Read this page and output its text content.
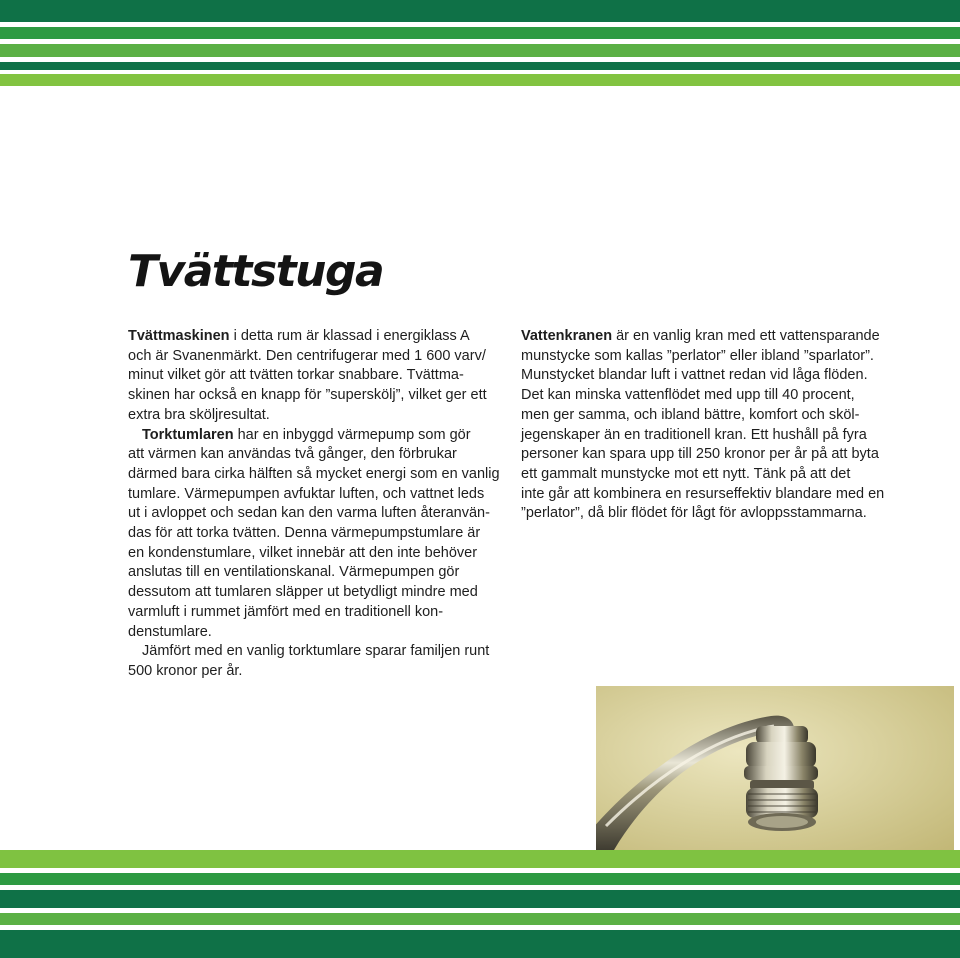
Tvättstuga

Tvättmaskinen i detta rum är klassad i energiklass A
och är Svanenmärkt. Den centrifugerar med 1 600 varv/
minut vilket gör att tvätten torkar snabbare. Tvättma-
skinen har också en knapp för ”superskölj”, vilket ger ett
extra bra sköljresultat.

Torktumlaren har en inbyggd värmepump som gör
att värmen kan användas två gånger, den förbrukar
därmed bara cirka hälften så mycket energi som en vanlig
tumlare. Värmepumpen avfuktar luften, och vattnet leds
ut i avloppet och sedan kan den varma luften återanvän-
das för att torka tvätten. Denna värmepumpstumlare är
en kondenstumlare, vilket innebär att den inte behöver
anslutas till en ventilationskanal. Värmepumpen gör
dessutom att tumlaren släpper ut betydligt mindre med
varmluft i rummet jämfört med en traditionell kon-
denstumlare.

Jämfört med en vanlig torktumlare sparar familjen runt
500 kronor per år.

Vattenkranen är en vanlig kran med ett vattensparande
munstycke som kallas ”perlator” eller ibland ”sparlator”.
Munstycket blandar luft i vattnet redan vid låga flöden.
Det kan minska vattenflödet med upp till 40 procent,
men ger samma, och ibland bättre, komfort och sköl-
jegenskaper än en traditionell kran. Ett hushåll på fyra
personer kan spara upp till 250 kronor per år på att byta
ett gammalt munstycke mot ett nytt. Tänk på att det
inte går att kombinera en resurseffektiv blandare med en
”perlator”, då blir flödet för lågt för avloppsstammarna.
